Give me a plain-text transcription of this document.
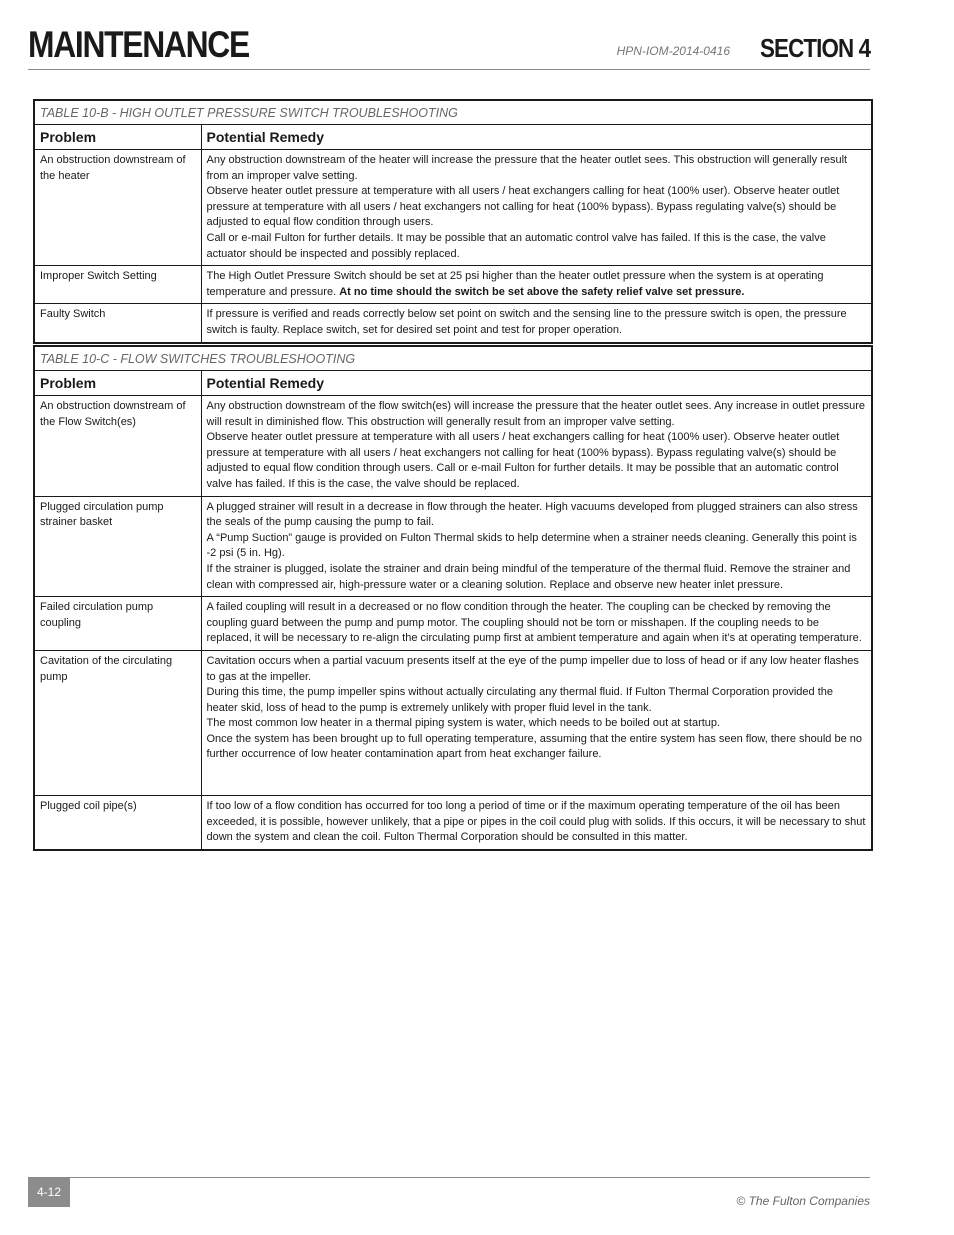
MAINTENANCE	HPN-IOM-2014-0416 SECTION 4
TABLE 10-B - HIGH OUTLET PRESSURE SWITCH TROUBLESHOOTING	
Problem	Potential Remedy
An obstruction downstream of the heater	Any obstruction downstream of the heater will increase the pressure that the heater outlet sees. This obstruction will generally result from an improper valve setting.

Observe heater outlet pressure at temperature with all users / heat exchangers calling for heat (100% user). Observe heater outlet pressure at temperature with all users / heat exchangers not calling for heat (100% bypass). Bypass regulating valve(s) should be adjusted to equal flow condition through users.

Call or e-mail Fulton for further details. It may be possible that an automatic control valve has failed. If this is the case, the valve actuator should be inspected and possibly replaced.

Improper Switch Setting	The High Outlet Pressure Switch should be set at 25 psi higher than the heater outlet pressure when the system is at operating temperature and pressure. At no time should the switch be set above the safety relief valve set pressure.

Faulty Switch	If pressure is verified and reads correctly below set point on switch and the sensing line to the pressure switch is open, the pressure switch is faulty. Replace switch, set for desired set point and test for proper operation.

TABLE 10-C - FLOW SWITCHES TROUBLESHOOTING	
Problem	Potential Remedy
An obstruction downstream of the Flow Switch(es)	Any obstruction downstream of the flow switch(es) will increase the pressure that the heater outlet sees. Any increase in outlet pressure will result in diminished flow. This obstruction will generally result from an improper valve setting.

Observe heater outlet pressure at temperature with all users / heat exchangers calling for heat (100% user). Observe heater outlet pressure at temperature with all users / heat exchangers not calling for heat (100% bypass). Bypass regulating valve(s) should be adjusted to equal flow condition through users. Call or e-mail Fulton for further details. It may be possible that an automatic control valve has failed. If this is the case, the valve should be replaced.

Plugged circulation pump strainer basket	A plugged strainer will result in a decrease in flow through the heater. High vacuums developed from plugged strainers can also stress the seals of the pump causing the pump to fail.

A “Pump Suction” gauge is provided on Fulton Thermal skids to help determine when a strainer needs cleaning. Generally this point is -2 psi (5 in. Hg).

If the strainer is plugged, isolate the strainer and drain being mindful of the temperature of the thermal fluid. Remove the strainer and clean with compressed air, high-pressure water or a cleaning solution. Replace and observe new heater inlet pressure.

Failed circulation pump coupling	A failed coupling will result in a decreased or no flow condition through the heater. The coupling can be checked by removing the coupling guard between the pump and pump motor. The coupling should not be torn or misshapen. If the coupling needs to be replaced, it will be necessary to re-align the circulating pump first at ambient temperature and again when it’s at operating temperature.

Cavitation of the circulating pump	Cavitation occurs when a partial vacuum presents itself at the eye of the pump impeller due to loss of head or if any low heater flashes to gas at the impeller.

During this time, the pump impeller spins without actually circulating any thermal fluid. If Fulton Thermal Corporation provided the heater skid, loss of head to the pump is extremely unlikely with proper fluid level in the tank.

The most common low heater in a thermal piping system is water, which needs to be boiled out at startup.

Once the system has been brought up to full operating temperature, assuming that the entire system has seen flow, there should be no further occurrence of low heater contamination apart from heat exchanger failure.

Plugged coil pipe(s)	If too low of a flow condition has occurred for too long a period of time or if the maximum operating temperature of the oil has been exceeded, it is possible, however unlikely, that a pipe or pipes in the coil could plug with solids. If this occurs, it will be necessary to shut down the system and clean the coil. Fulton Thermal Corporation should be consulted in this matter.

4-12
© The Fulton Companies
